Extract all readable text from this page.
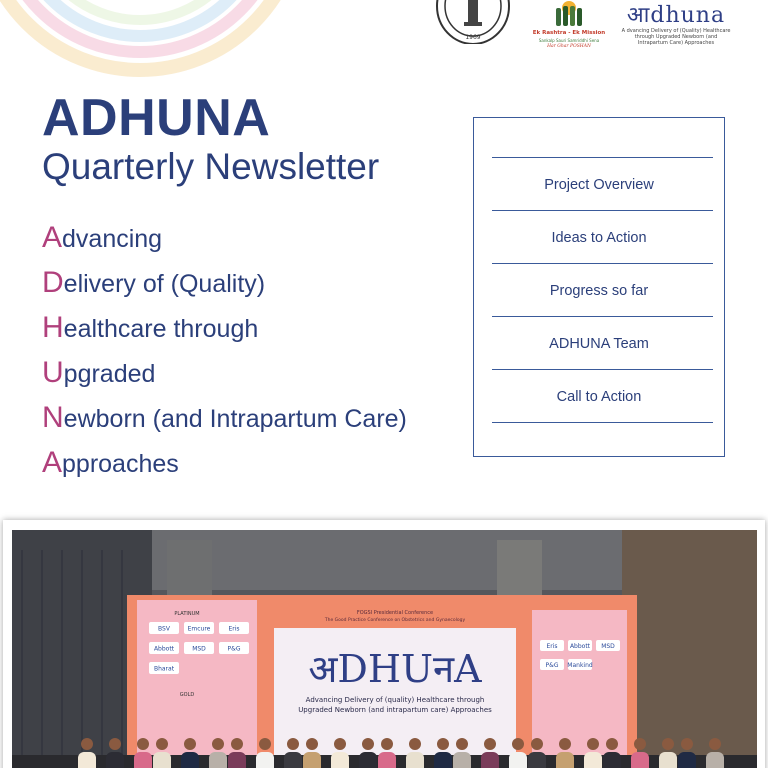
1969
Ek Rashtra - Ek Mission
Sankalp Sauri Samriddhi Sena
Har Ghar POSHAN
आdhuna
A dvancing Delivery of (Quality) Healthcare through Upgraded Newborn (and Intrapartum Care) Approaches
ADHUNA
Quarterly Newsletter
Advancing
Delivery of (Quality)
Healthcare through
Upgraded
Newborn (and Intrapartum Care)
Approaches
Project Overview
Ideas to Action
Progress so far
ADHUNA Team
Call to Action
FOGSI Presidential Conference
The Good Practice Conference on Obstetrics and Gynaecology
अDHUनA
Advancing Delivery of (quality) Healthcare through
Upgraded Newborn (and intrapartum care) Approaches
PLATINUM
GOLD
BSV	Emcure	Eris
Abbott	MSD	P&G
Bharat
Eris Abbott MSD
P&G Mankind
